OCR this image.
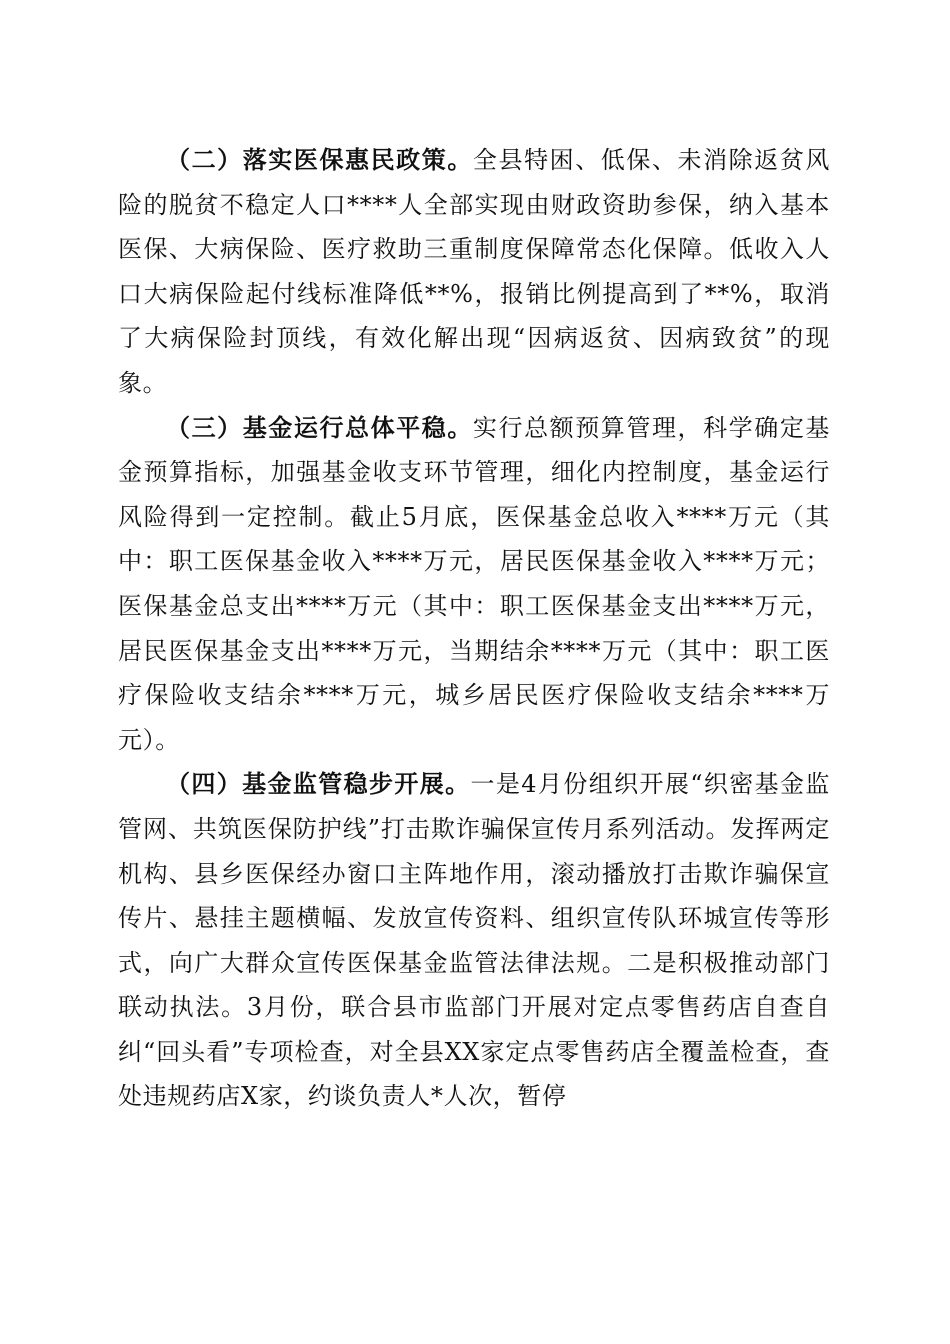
（二）落实医保惠民政策。全县特困、低保、未消除返贫风险的脱贫不稳定人口****人全部实现由财政资助参保，纳入基本医保、大病保险、医疗救助三重制度保障常态化保障。低收入人口大病保险起付线标准降低**%，报销比例提高到了**%，取消了大病保险封顶线，有效化解出现“因病返贫、因病致贫”的现象。

（三）基金运行总体平稳。实行总额预算管理，科学确定基金预算指标，加强基金收支环节管理，细化内控制度，基金运行风险得到一定控制。截止5月底，医保基金总收入****万元（其中：职工医保基金收入****万元，居民医保基金收入****万元；医保基金总支出****万元（其中：职工医保基金支出****万元，居民医保基金支出****万元，当期结余****万元（其中：职工医疗保险收支结余****万元，城乡居民医疗保险收支结余****万元）。

（四）基金监管稳步开展。一是4月份组织开展“织密基金监管网、共筑医保防护线”打击欺诈骗保宣传月系列活动。发挥两定机构、县乡医保经办窗口主阵地作用，滚动播放打击欺诈骗保宣传片、悬挂主题横幅、发放宣传资料、组织宣传队环城宣传等形式，向广大群众宣传医保基金监管法律法规。二是积极推动部门联动执法。3月份，联合县市监部门开展对定点零售药店自查自纠“回头看”专项检查，对全县XX家定点零售药店全覆盖检查，查处违规药店X家，约谈负责人*人次，暂停
